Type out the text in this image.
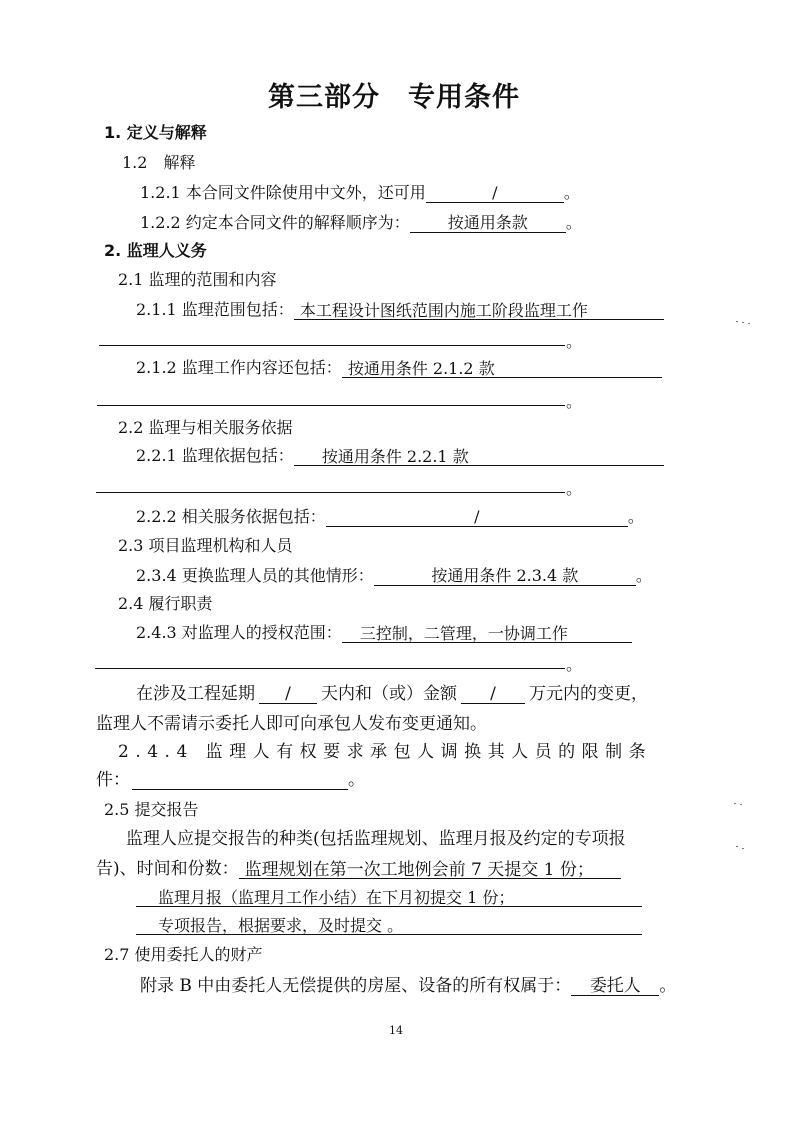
第三部分　专用条件
1. 定义与解释
1.2　解释
1.2.1 本合同文件除使用中文外，还可用	/	。
1.2.2 约定本合同文件的解释顺序为： 按通用条款 。
2. 监理人义务
2.1 监理的范围和内容
2.1.1 监理范围包括： 本工程设计图纸范围内施工阶段监理工作
。
2.1.2 监理工作内容还包括： 按通用条件 2.1.2 款
。
2.2 监理与相关服务依据
2.2.1 监理依据包括： 按通用条件 2.2.1 款
。
2.2.2 相关服务依据包括：	/	。
2.3 项目监理机构和人员
2.3.4 更换监理人员的其他情形：	按通用条件 2.3.4 款	。
2.4 履行职责
2.4.3 对监理人的授权范围： 三控制，二管理，一协调工作
。
在涉及工程延期 / 天内和（或）金额 / 万元内的变更，
监理人不需请示委托人即可向承包人发布变更通知。
2.4.4 监理人有权要求承包人调换其人员的限制条
件：	。
2.5 提交报告
监理人应提交报告的种类(包括监理规划、监理月报及约定的专项报
告)、时间和份数： 监理规划在第一次工地例会前 7 天提交 1 份；
监理月报（监理月工作小结）在下月初提交 1 份；
专项报告，根据要求，及时提交 。
2.7 使用委托人的财产
附录 B 中由委托人无偿提供的房屋、设备的所有权属于： 委托人 。
14
